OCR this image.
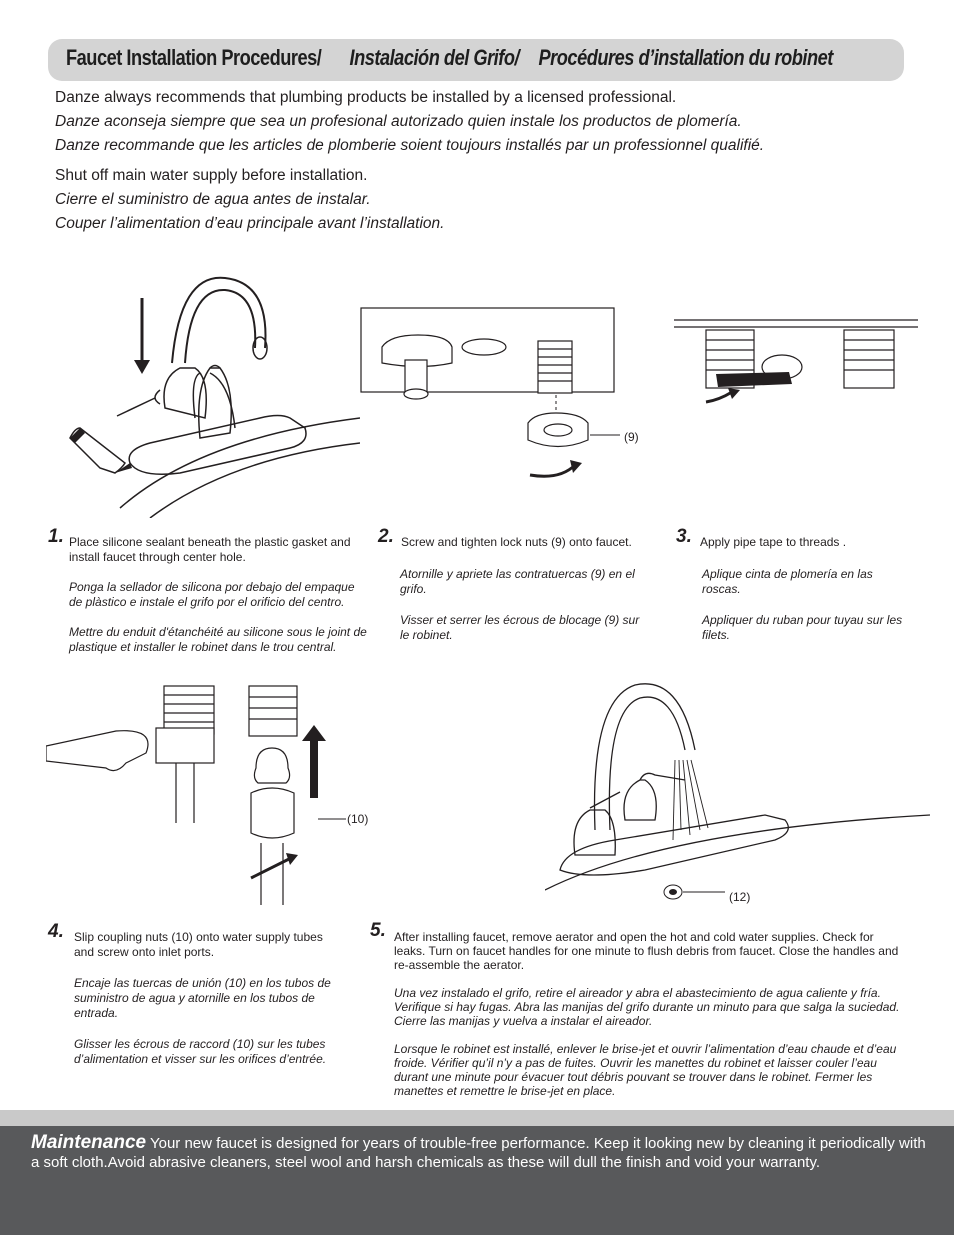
Faucet Installation Procedures/ Instalación del Grifo/ Procédures d’installation du robinet

Danze always recommends that plumbing products be installed by a licensed professional.

Danze aconseja siempre que sea un profesional autorizado quien instale los productos de plomería.

Danze recommande que les articles de plomberie soient toujours installés par un professionnel qualifié.

Shut off main water supply before installation.

Cierre el suministro de agua antes de instalar.

Couper l’alimentation d’eau principale avant l’installation.

(9)
1. Place silicone sealant beneath the plastic gasket and install faucet through center hole.

Ponga la sellador de silicona por debajo del empaque de plàstico e instale el grifo por el orificio del centro.

Mettre du enduit d'étanchéité au silicone sous le joint de plastique et installer le robinet dans le trou central.

2. Screw and tighten lock nuts (9) onto faucet.

Atornille y apriete las contratuercas (9) en el grifo.

Visser et serrer les écrous de blocage (9) sur le robinet.

3. Apply pipe tape to threads .

Aplique cinta de plomería en las roscas.

Appliquer du ruban pour tuyau sur les filets.

(10)
(12)
4. Slip coupling nuts (10) onto water supply tubes and screw onto inlet ports.

Encaje las tuercas de unión (10) en los tubos de suministro de agua y atornille en los tubos de entrada.

Glisser les écrous de raccord (10) sur les tubes d’alimentation et visser sur les orifices d’entrée.

5. After installing faucet, remove aerator and open the hot and cold water supplies. Check for leaks. Turn on faucet handles for one minute to flush debris from faucet. Close the handles and re-assemble the aerator.

Una vez instalado el grifo, retire el aireador y abra el abastecimiento de agua caliente y fría. Verifique si hay fugas. Abra las manijas del grifo durante un minuto para que salga la suciedad. Cierre las manijas y vuelva a instalar el aireador.

Lorsque le robinet est installé, enlever le brise-jet et ouvrir l’alimentation d’eau chaude et d’eau froide. Vérifier qu’il n’y a pas de fuites. Ouvrir les manettes du robinet et laisser couler l’eau durant une minute pour évacuer tout débris pouvant se trouver dans le robinet. Fermer les manettes et remettre le brise-jet en place.

Maintenance Your new faucet is designed for years of trouble-free performance. Keep it looking new by cleaning it periodically with a soft cloth.Avoid abrasive cleaners, steel wool and harsh chemicals as these will dull the finish and void your warranty.
